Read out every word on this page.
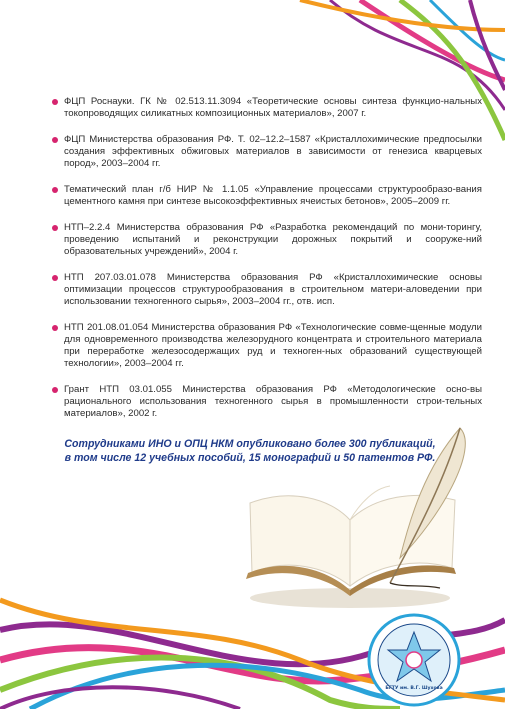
ФЦП Роснауки. ГК № 02.513.11.3094 «Теоретические основы синтеза функцио-нальных токопроводящих силикатных композиционных материалов», 2007 г.
ФЦП Министерства образования РФ. Т. 02–12.2–1587 «Кристаллохимические предпосылки создания эффективных обжиговых материалов в зависимости от генезиса кварцевых пород», 2003–2004 гг.
Тематический план г/б НИР № 1.1.05 «Управление процессами структурообразо-вания цементного камня при синтезе высокоэффективных ячеистых бетонов», 2005–2009 гг.
НТП–2.2.4 Министерства образования РФ «Разработка рекомендаций по мони-торингу, проведению испытаний и реконструкции дорожных покрытий и сооруже-ний образовательных учреждений», 2004 г.
НТП 207.03.01.078 Министерства образования РФ «Кристаллохимические основы оптимизации процессов структурообразования в строительном матери-аловедении при использовании техногенного сырья», 2003–2004 гг., отв. исп.
НТП 201.08.01.054 Министерства образования РФ «Технологические совме-щенные модули для одновременного производства железорудного концентрата и строительного материала при переработке железосодержащих руд и техноген-ных образований существующей технологии», 2003–2004 гг.
Грант НТП 03.01.055 Министерства образования РФ «Методологические осно-вы рационального использования техногенного сырья в промышленности строи-тельных материалов», 2002 г.
Сотрудниками ИНО и ОПЦ НКМ опубликовано более 300 публикаций,
в том числе 12 учебных пособий, 15 монографий и 50 патентов РФ.
БГТУ им. В.Г. Шухова
